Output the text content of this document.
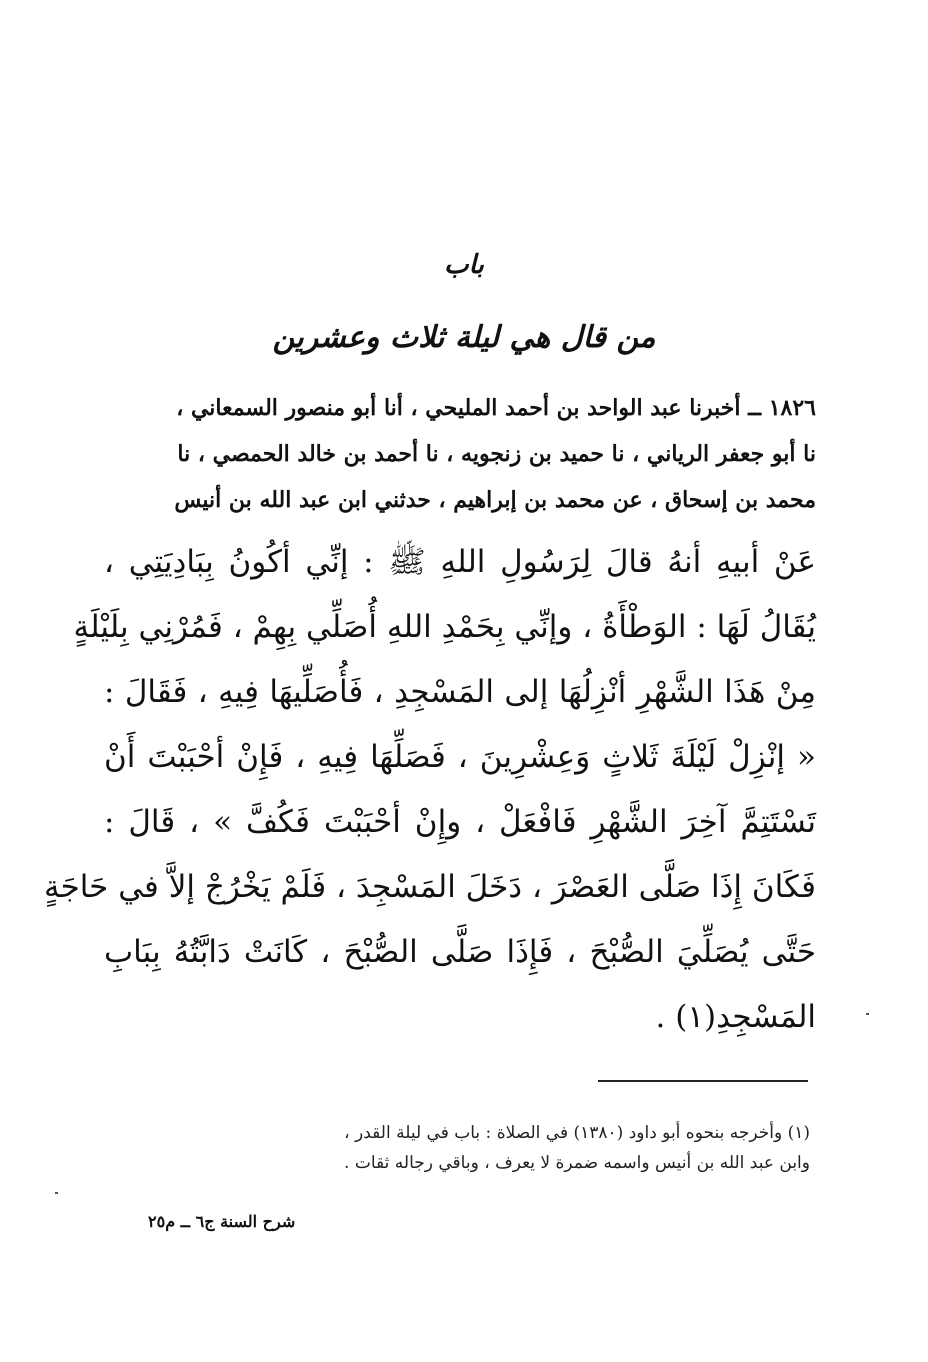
باب
من قال هي ليلة ثلاث وعشرين
١٨٢٦ ــ أخبرنا عبد الواحد بن أحمد المليحي ، أنا أبو منصور السمعاني ،
نا أبو جعفر الرياني ، نا حميد بن زنجويه ، نا أحمد بن خالد الحمصي ، نا
محمد بن إسحاق ، عن محمد بن إبراهيم ، حدثني ابن عبد الله بن أنيس
عَنْ أبيهِ أنهُ قالَ لِرَسُولِ اللهِ ﷺ : إنِّي أكُونُ بِبَادِيَتِي ،
يُقَالُ لَهَا : الوَطْأَةُ ، وإنِّي بِحَمْدِ اللهِ أُصَلِّي بِهِمْ ، فَمُرْنِي بِلَيْلَةٍ
مِنْ هَذَا الشَّهْرِ أنْزِلُهَا إلى المَسْجِدِ ، فَأُصَلِّيهَا فِيهِ ، فَقَالَ :
« إنْزِلْ لَيْلَةَ ثَلاثٍ وَعِشْرِينَ ، فَصَلِّهَا فِيهِ ، فَإِنْ أحْبَبْتَ أَنْ
تَسْتَتِمَّ آخِرَ الشَّهْرِ فَافْعَلْ ، وإِنْ أحْبَبْتَ فَكُفَّ » ، قَالَ :
فَكَانَ إِذَا صَلَّى العَصْرَ ، دَخَلَ المَسْجِدَ ، فَلَمْ يَخْرُجْ إلاَّ في حَاجَةٍ
حَتَّى يُصَلِّيَ الصُّبْحَ ، فَإِذَا صَلَّى الصُّبْحَ ، كَانَتْ دَابَّتُهُ بِبَابِ
المَسْجِدِ(١) .
(١) وأخرجه بنحوه أبو داود (١٣٨٠) في الصلاة : باب في ليلة القدر ،
وابن عبد الله بن أنيس واسمه ضمرة لا يعرف ، وباقي رجاله ثقات .
شرح السنة ج٦ ــ م٢٥
